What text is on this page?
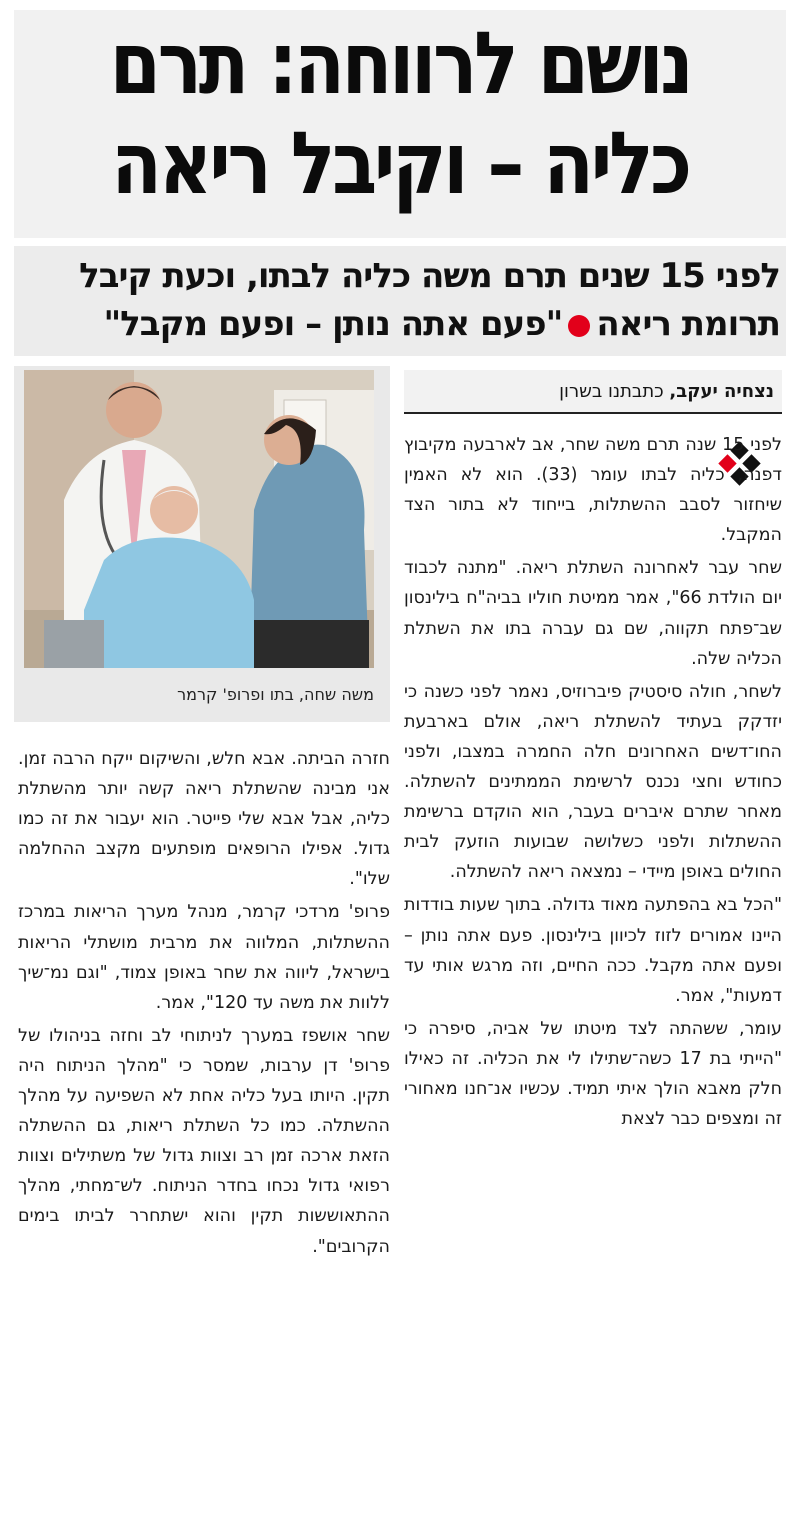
נושם לרווחה: תרם
כליה – וקיבל ריאה
לפני 15 שנים תרם משה כליה לבתו, וכעת קיבל
תרומת ריאה"פעם אתה נותן – ופעם מקבל"
נצחיה יעקב, כתבתנו בשרון
משה שחה, בתו ופרופ' קרמר

לפני 15 שנה תרם משה שחר, אב לארבעה מקיבוץ דפנה, כליה לבתו עומר (33). הוא לא האמין שיחזור לסבב ההשתלות, בייחוד לא בתור הצד המקבל.

שחר עבר לאחרונה השתלת ריאה. "מתנה לכבוד יום הולדת 66", אמר ממיטת חוליו בביה"ח בילינסון שב־פתח תקווה, שם גם עברה בתו את השתלת הכליה שלה.

לשחר, חולה סיסטיק פיברוזיס, נאמר לפני כשנה כי יזדקק בעתיד להשתלת ריאה, אולם בארבעת החו־דשים האחרונים חלה החמרה במצבו, ולפני כחודש וחצי נכנס לרשימת הממתינים להשתלה. מאחר שתרם איברים בעבר, הוא הוקדם ברשימת ההשתלות ולפני כשלושה שבועות הוזעק לבית החולים באופן מיידי – נמצאה ריאה להשתלה.

"הכל בא בהפתעה מאוד גדולה. בתוך שעות בודדות היינו אמורים לזוז לכיוון בילינסון. פעם אתה נותן – ופעם אתה מקבל. ככה החיים, וזה מרגש אותי עד דמעות", אמר.

עומר, ששהתה לצד מיטתו של אביה, סיפרה כי "הייתי בת 17 כשה־שתילו לי את הכליה. זה כאילו חלק מאבא הולך איתי תמיד. עכשיו אנ־חנו מאחורי זה ומצפים כבר לצאת

חזרה הביתה. אבא חלש, והשיקום ייקח הרבה זמן. אני מבינה שהשתלת ריאה קשה יותר מהשתלת כליה, אבל אבא שלי פייטר. הוא יעבור את זה כמו גדול. אפילו הרופאים מופתעים מקצב ההחלמה שלו".

פרופ' מרדכי קרמר, מנהל מערך הריאות במרכז ההשתלות, המלווה את מרבית מושתלי הריאות בישראל, ליווה את שחר באופן צמוד, "וגם נמ־שיך ללוות את משה עד 120", אמר.

שחר אושפז במערך לניתוחי לב וחזה בניהולו של פרופ' דן ערבות, שמסר כי "מהלך הניתוח היה תקין. היותו בעל כליה אחת לא השפיעה על מהלך ההשתלה. כמו כל השתלת ריאות, גם ההשתלה הזאת ארכה זמן רב וצוות גדול של משתילים וצוות רפואי גדול נכחו בחדר הניתוח. לש־מחתי, מהלך ההתאוששות תקין והוא ישתחרר לביתו בימים הקרובים".
